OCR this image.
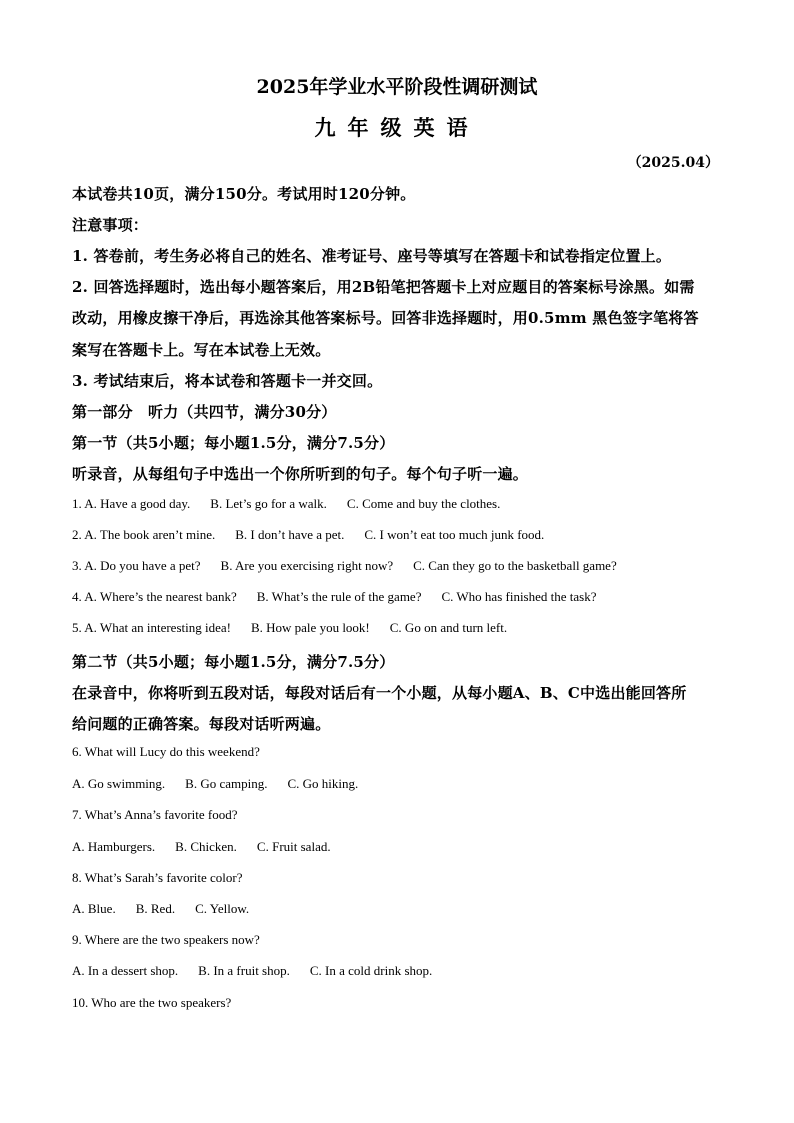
2025年学业水平阶段性调研测试
九年级英语
（2025.04）
本试卷共10页，满分150分。考试用时120分钟。
注意事项：
1. 答卷前，考生务必将自己的姓名、准考证号、座号等填写在答题卡和试卷指定位置上。
2. 回答选择题时，选出每小题答案后，用2B铅笔把答题卡上对应题目的答案标号涂黑。如需
改动，用橡皮擦干净后，再选涂其他答案标号。回答非选择题时，用0.5mm 黑色签字笔将答
案写在答题卡上。写在本试卷上无效。
3. 考试结束后，将本试卷和答题卡一并交回。
第一部分　听力（共四节，满分30分）
第一节（共5小题；每小题1.5分，满分7.5分）
听录音，从每组句子中选出一个你所听到的句子。每个句子听一遍。
1. A. Have a good day. B. Let’s go for a walk. C. Come and buy the clothes.
2. A. The book aren’t mine. B. I don’t have a pet. C. I won’t eat too much junk food.
3. A. Do you have a pet? B. Are you exercising right now? C. Can they go to the basketball game?
4. A. Where’s the nearest bank? B. What’s the rule of the game? C. Who has finished the task?
5. A. What an interesting idea! B. How pale you look! C. Go on and turn left.
第二节（共5小题；每小题1.5分，满分7.5分）
在录音中，你将听到五段对话，每段对话后有一个小题，从每小题A、B、C中选出能回答所
给问题的正确答案。每段对话听两遍。
6. What will Lucy do this weekend?
A. Go swimming. B. Go camping. C. Go hiking.
7. What’s Anna’s favorite food?
A. Hamburgers. B. Chicken. C. Fruit salad.
8. What’s Sarah’s favorite color?
A. Blue. B. Red. C. Yellow.
9. Where are the two speakers now?
A. In a dessert shop. B. In a fruit shop. C. In a cold drink shop.
10. Who are the two speakers?
